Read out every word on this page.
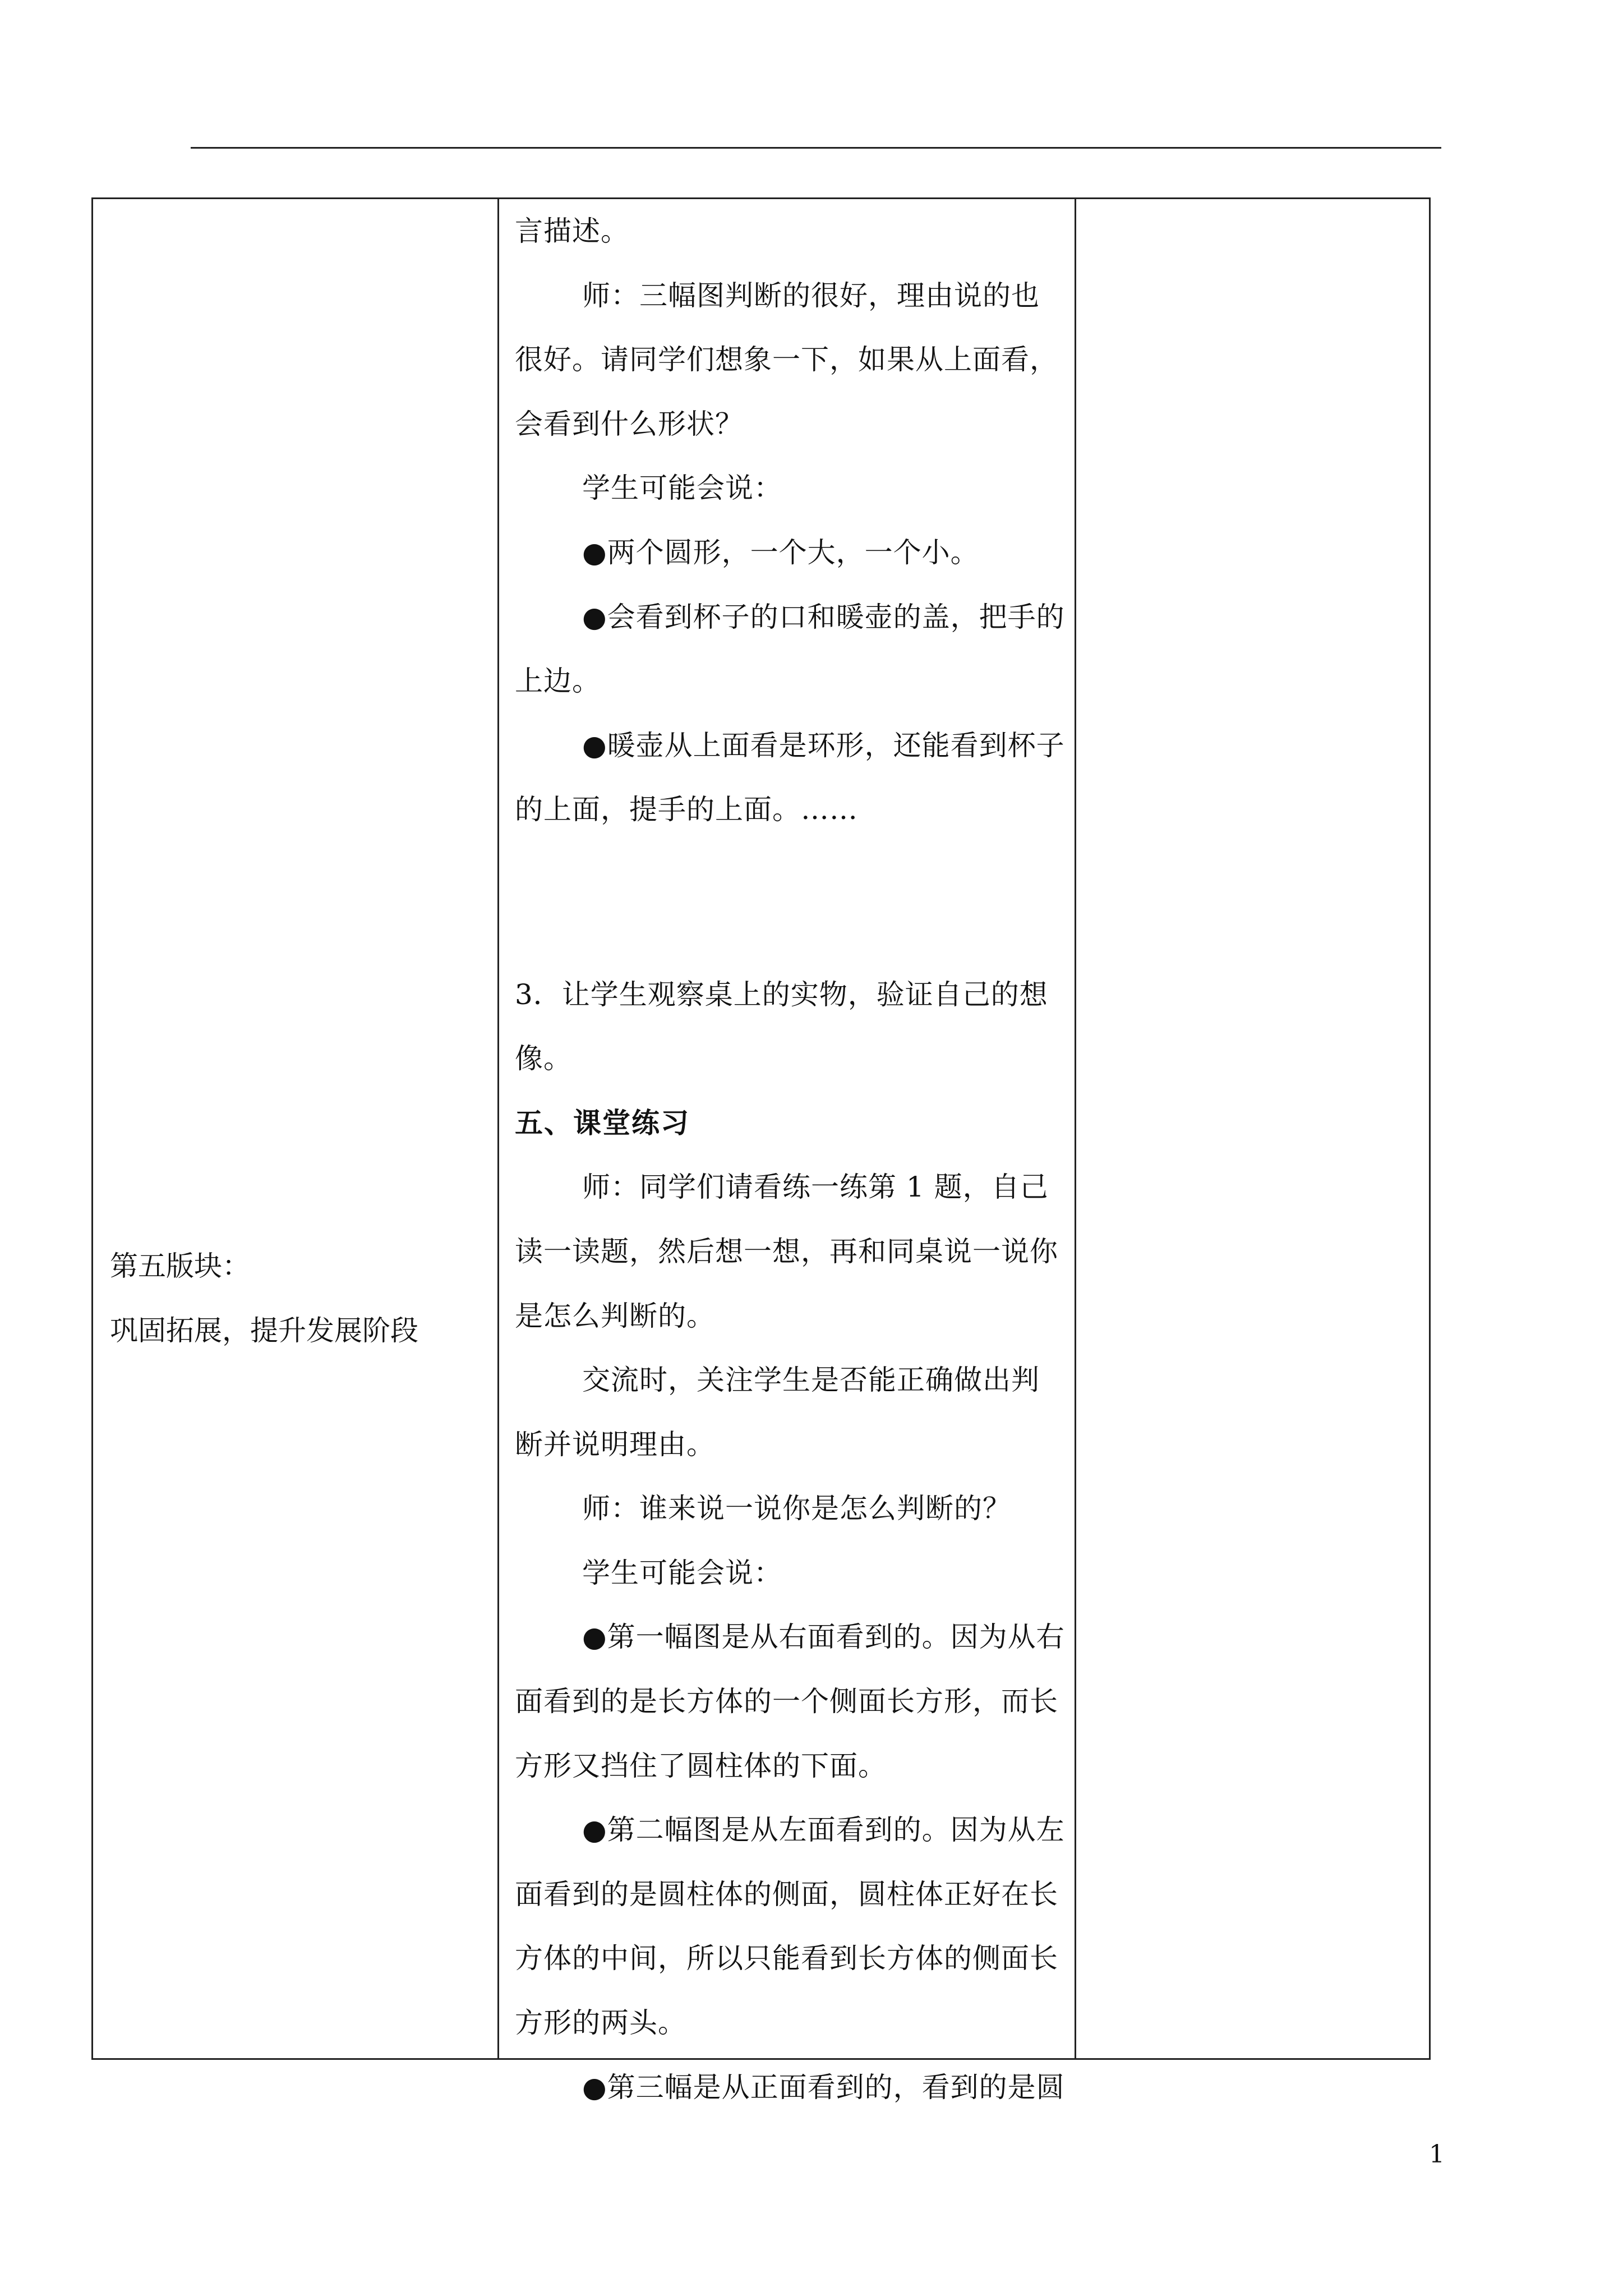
第五版块：
巩固拓展，提升发展阶段

言描述。

师：三幅图判断的很好，理由说的也很好。请同学们想象一下，如果从上面看，会看到什么形状？

学生可能会说：

●两个圆形，一个大，一个小。

●会看到杯子的口和暖壶的盖，把手的上边。

●暖壶从上面看是环形，还能看到杯子的上面，提手的上面。……

3．让学生观察桌上的实物，验证自己的想像。

五、课堂练习

师：同学们请看练一练第 1 题，自己读一读题，然后想一想，再和同桌说一说你是怎么判断的。

交流时，关注学生是否能正确做出判断并说明理由。

师：谁来说一说你是怎么判断的？

学生可能会说：

●第一幅图是从右面看到的。因为从右面看到的是长方体的一个侧面长方形，而长方形又挡住了圆柱体的下面。

●第二幅图是从左面看到的。因为从左面看到的是圆柱体的侧面，圆柱体正好在长方体的中间，所以只能看到长方体的侧面长方形的两头。

●第三幅是从正面看到的，看到的是圆

1
